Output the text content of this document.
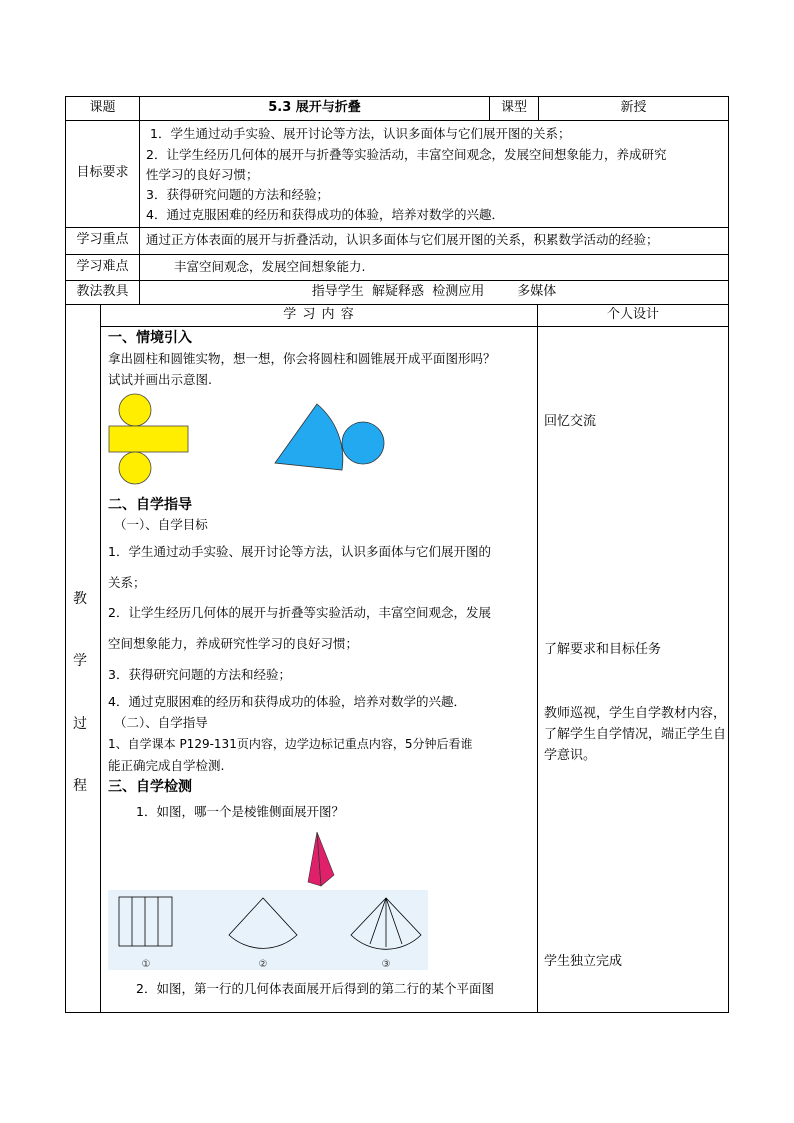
课题	5.3 展开与折叠	课型	新授
目标要求
1．学生通过动手实验、展开讨论等方法，认识多面体与它们展开图的关系；
2．让学生经历几何体的展开与折叠等实验活动，丰富空间观念，发展空间想象能力，养成研究
性学习的良好习惯；
3．获得研究问题的方法和经验；
4．通过克服困难的经历和获得成功的体验，培养对数学的兴趣．
学习重点	通过正方体表面的展开与折叠活动，认识多面体与它们展开图的关系，积累数学活动的经验；
学习难点	丰富空间观念，发展空间想象能力.
教法教具	指导学生  解疑释惑  检测应用        多媒体
学 习 内 容	个人设计
教
学
过
程
一、情境引入
拿出圆柱和圆锥实物，想一想，你会将圆柱和圆锥展开成平面图形吗？
试试并画出示意图.
二、自学指导
（一）、自学目标
1．学生通过动手实验、展开讨论等方法，认识多面体与它们展开图的
关系；
2．让学生经历几何体的展开与折叠等实验活动，丰富空间观念，发展
空间想象能力，养成研究性学习的良好习惯；
3．获得研究问题的方法和经验；
4．通过克服困难的经历和获得成功的体验，培养对数学的兴趣．
（二）、自学指导
1、自学课本 P129-131页内容，边学边标记重点内容，5分钟后看谁
能正确完成自学检测.
三、自学检测
1．如图，哪一个是棱锥侧面展开图？
①	②	③
2．如图，第一行的几何体表面展开后得到的第二行的某个平面图
回忆交流
了解要求和目标任务
教师巡视，学生自学教材内容，了解学生自学情况，端正学生自学意识。
学生独立完成
